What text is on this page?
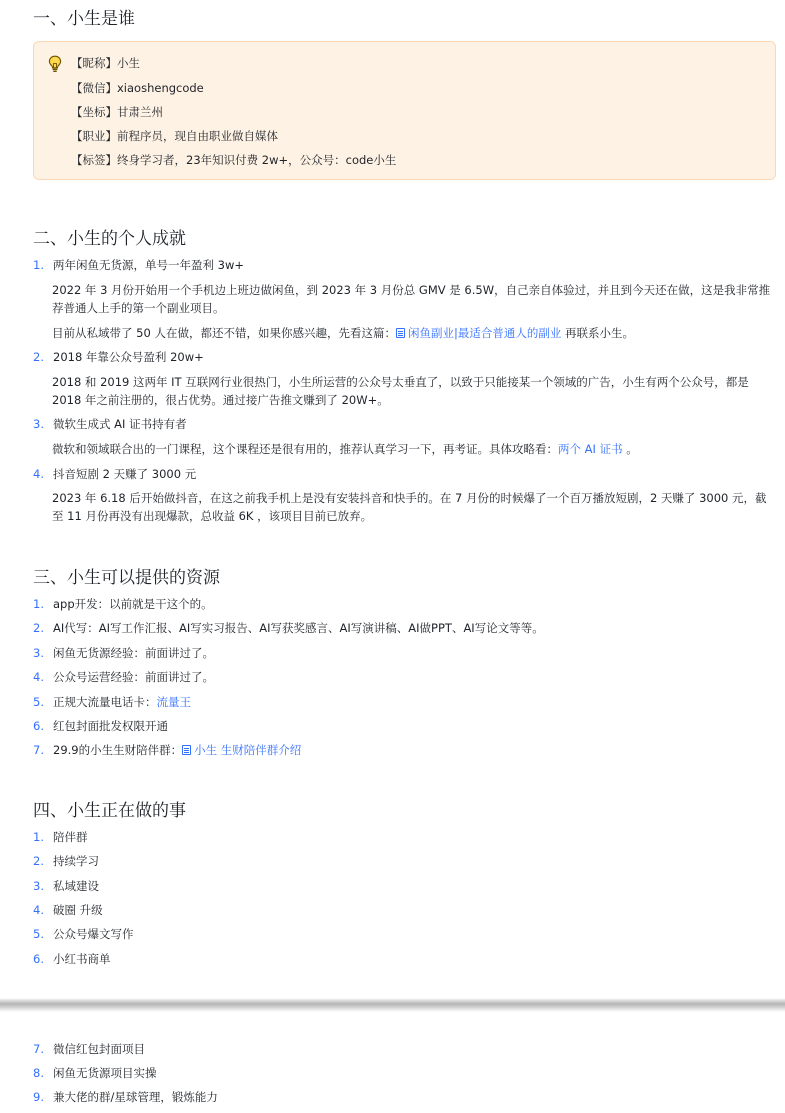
一、小生是谁
【昵称】小生
【微信】xiaoshengcode
【坐标】甘肃兰州
【职业】前程序员，现自由职业做自媒体
【标签】终身学习者，23年知识付费 2w+，公众号：code小生
二、小生的个人成就
1. 两年闲鱼无货源，单号一年盈利 3w+
2022 年 3 月份开始用一个手机边上班边做闲鱼，到 2023 年 3 月份总 GMV 是 6.5W，自己亲自体验过，并且到今天还在做，这是我非常推荐普通人上手的第一个副业项目。
目前从私域带了 50 人在做，都还不错，如果你感兴趣，先看这篇： 闲鱼副业|最适合普通人的副业 再联系小生。
2. 2018 年靠公众号盈利 20w+
2018 和 2019 这两年 IT 互联网行业很热门，小生所运营的公众号太垂直了，以致于只能接某一个领域的广告，小生有两个公众号，都是 2018 年之前注册的，很占优势。通过接广告推文赚到了 20W+。
3. 微软生成式 AI 证书持有者
微软和领域联合出的一门课程，这个课程还是很有用的，推荐认真学习一下，再考证。具体攻略看：两个 AI 证书 。
4. 抖音短剧 2 天赚了 3000 元
2023 年 6.18 后开始做抖音，在这之前我手机上是没有安装抖音和快手的。在 7 月份的时候爆了一个百万播放短剧，2 天赚了 3000 元，截至 11 月份再没有出现爆款，总收益 6K ，该项目目前已放弃。
三、小生可以提供的资源
1. app开发：以前就是干这个的。
2. AI代写：AI写工作汇报、AI写实习报告、AI写获奖感言、AI写演讲稿、AI做PPT、AI写论文等等。
3. 闲鱼无货源经验：前面讲过了。
4. 公众号运营经验：前面讲过了。
5. 正规大流量电话卡：流量王
6. 红包封面批发权限开通
7. 29.9的小生生财陪伴群： 小生 生财陪伴群介绍
四、小生正在做的事
1. 陪伴群
2. 持续学习
3. 私域建设
4. 破圈 升级
5. 公众号爆文写作
6. 小红书商单
7. 微信红包封面项目
8. 闲鱼无货源项目实操
9. 兼大佬的群/星球管理，锻炼能力
